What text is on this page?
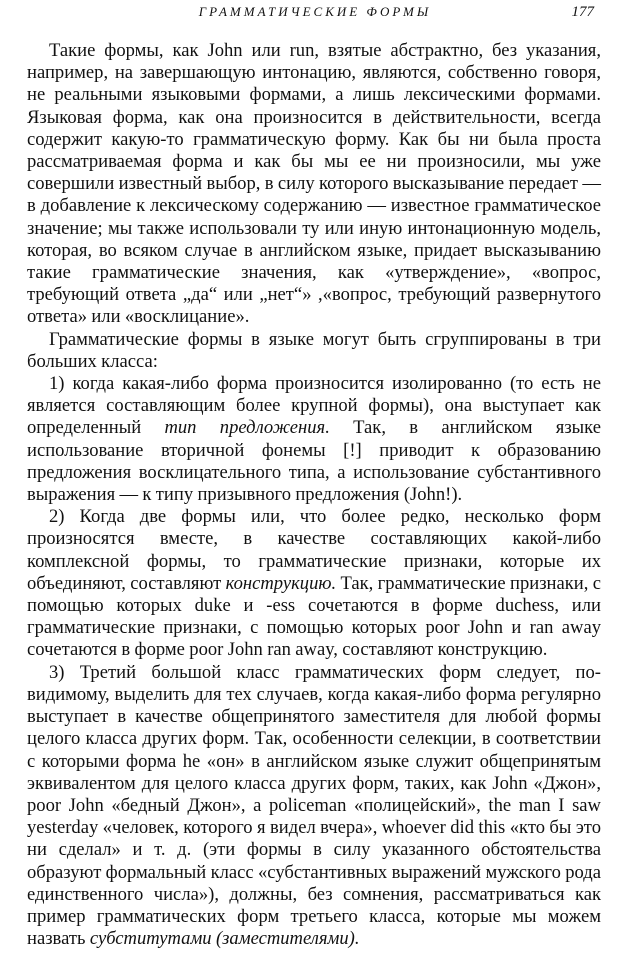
ГРАММАТИЧЕСКИЕ ФОРМЫ	177

Такие формы, как John или run, взятые абстрактно, без указания, например, на завершающую интонацию, являются, собственно говоря, не реальными языковыми формами, а лишь лексическими формами. Языковая форма, как она произносится в действительности, всегда содержит какую-то грамматическую форму. Как бы ни была проста рассматриваемая форма и как бы мы ее ни произносили, мы уже совершили известный выбор, в силу которого высказывание передает — в добавление к лексическому содержанию — известное грамматическое значение; мы также использовали ту или иную интонационную модель, которая, во всяком случае в английском языке, придает высказыванию такие грамматические значения, как «утверждение», «вопрос, требующий ответа „да“ или „нет“» ,«вопрос, требующий развернутого ответа» или «восклицание».

Грамматические формы в языке могут быть сгруппированы в три больших класса:

1) когда какая-либо форма произносится изолированно (то есть не является составляющим более крупной формы), она выступает как определенный тип предложения. Так, в английском языке использование вторичной фонемы [!] приводит к образованию предложения восклицательного типа, а использование субстантивного выражения — к типу призывного предложения (John!).

2) Когда две формы или, что более редко, несколько форм произносятся вместе, в качестве составляющих какой-либо комплексной формы, то грамматические признаки, которые их объединяют, составляют конструкцию. Так, грамматические признаки, с помощью которых duke и -ess сочетаются в форме duchess, или грамматические признаки, с помощью которых poor John и ran away сочетаются в форме poor John ran away, составляют конструкцию.

3) Третий большой класс грамматических форм следует, по-видимому, выделить для тех случаев, когда какая-либо форма регулярно выступает в качестве общепринятого заместителя для любой формы целого класса других форм. Так, особенности селекции, в соответствии с которыми форма he «он» в английском языке служит общепринятым эквивалентом для целого класса других форм, таких, как John «Джон», poor John «бедный Джон», a policeman «полицейский», the man I saw yesterday «человек, которого я видел вчера», whoever did this «кто бы это ни сделал» и т. д. (эти формы в силу указанного обстоятельства образуют формальный класс «субстантивных выражений мужского рода единственного числа»), должны, без сомнения, рассматриваться как пример грамматических форм третьего класса, которые мы можем назвать субститутами (заместителями).
